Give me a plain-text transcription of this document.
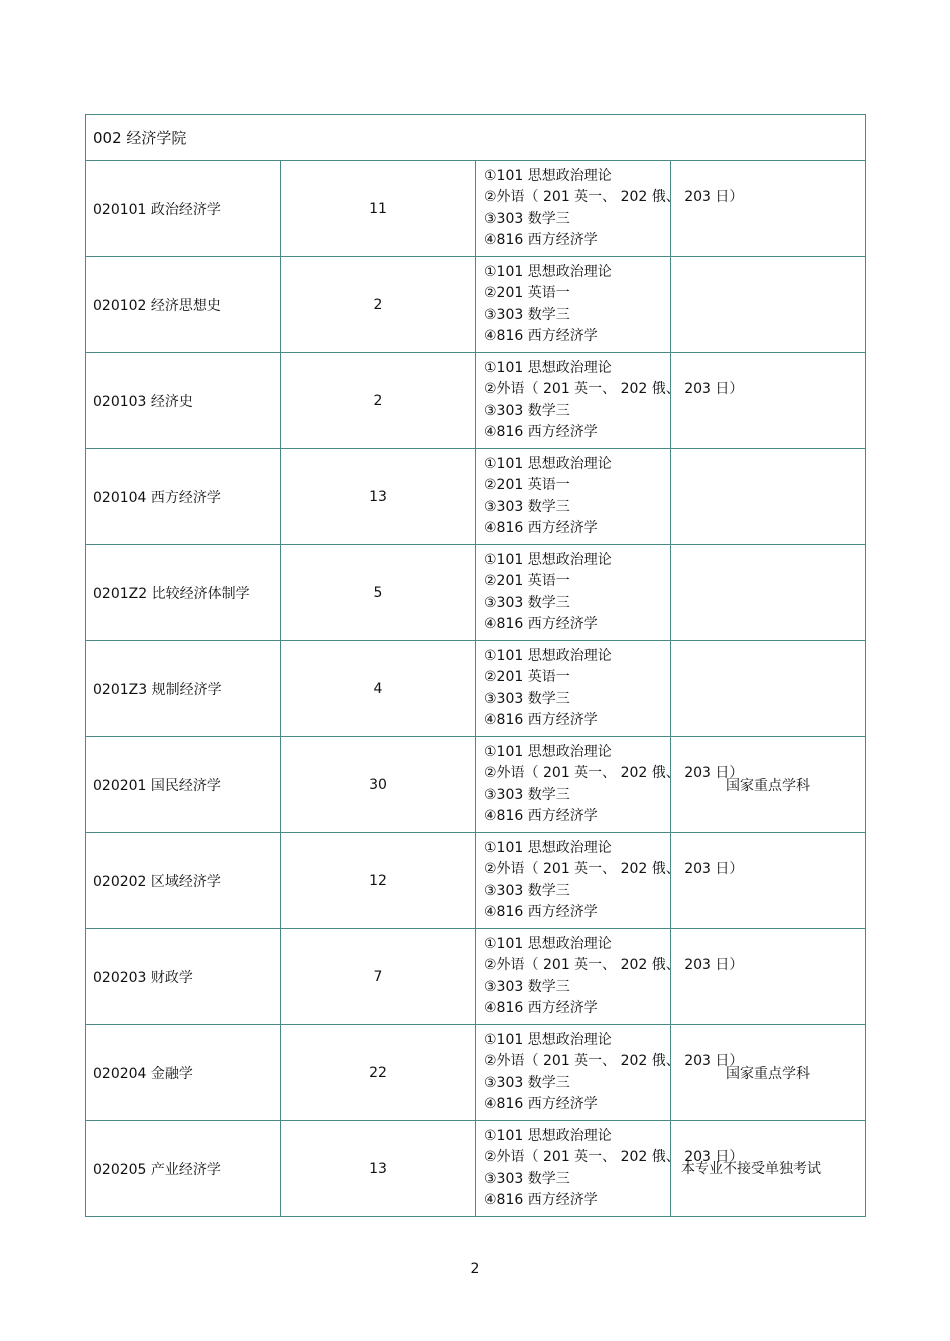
002 经济学院			
020101 政治经济学	11	①101 思想政治理论
②外语（ 201 英一、 202 俄、 203 日）
③303 数学三
④816 西方经济学	

020102 经济思想史	2	①101 思想政治理论
②201 英语一
③303 数学三
④816 西方经济学	

020103 经济史	2	①101 思想政治理论
②外语（ 201 英一、 202 俄、 203 日）
③303 数学三
④816 西方经济学	

020104 西方经济学	13	①101 思想政治理论
②201 英语一
③303 数学三
④816 西方经济学	

0201Z2 比较经济体制学	5	①101 思想政治理论
②201 英语一
③303 数学三
④816 西方经济学	

0201Z3 规制经济学	4	①101 思想政治理论
②201 英语一
③303 数学三
④816 西方经济学	

020201 国民经济学	30	①101 思想政治理论
②外语（ 201 英一、 202 俄、 203 日）
③303 数学三
④816 西方经济学	国家重点学科
020202 区域经济学	12	①101 思想政治理论
②外语（ 201 英一、 202 俄、 203 日）
③303 数学三
④816 西方经济学	

020203 财政学	7	①101 思想政治理论
②外语（ 201 英一、 202 俄、 203 日）
③303 数学三
④816 西方经济学	

020204 金融学	22	①101 思想政治理论
②外语（ 201 英一、 202 俄、 203 日）
③303 数学三
④816 西方经济学	国家重点学科
020205 产业经济学	13	①101 思想政治理论
②外语（ 201 英一、 202 俄、 203 日）
③303 数学三
④816 西方经济学	本专业不接受单独考试
2
